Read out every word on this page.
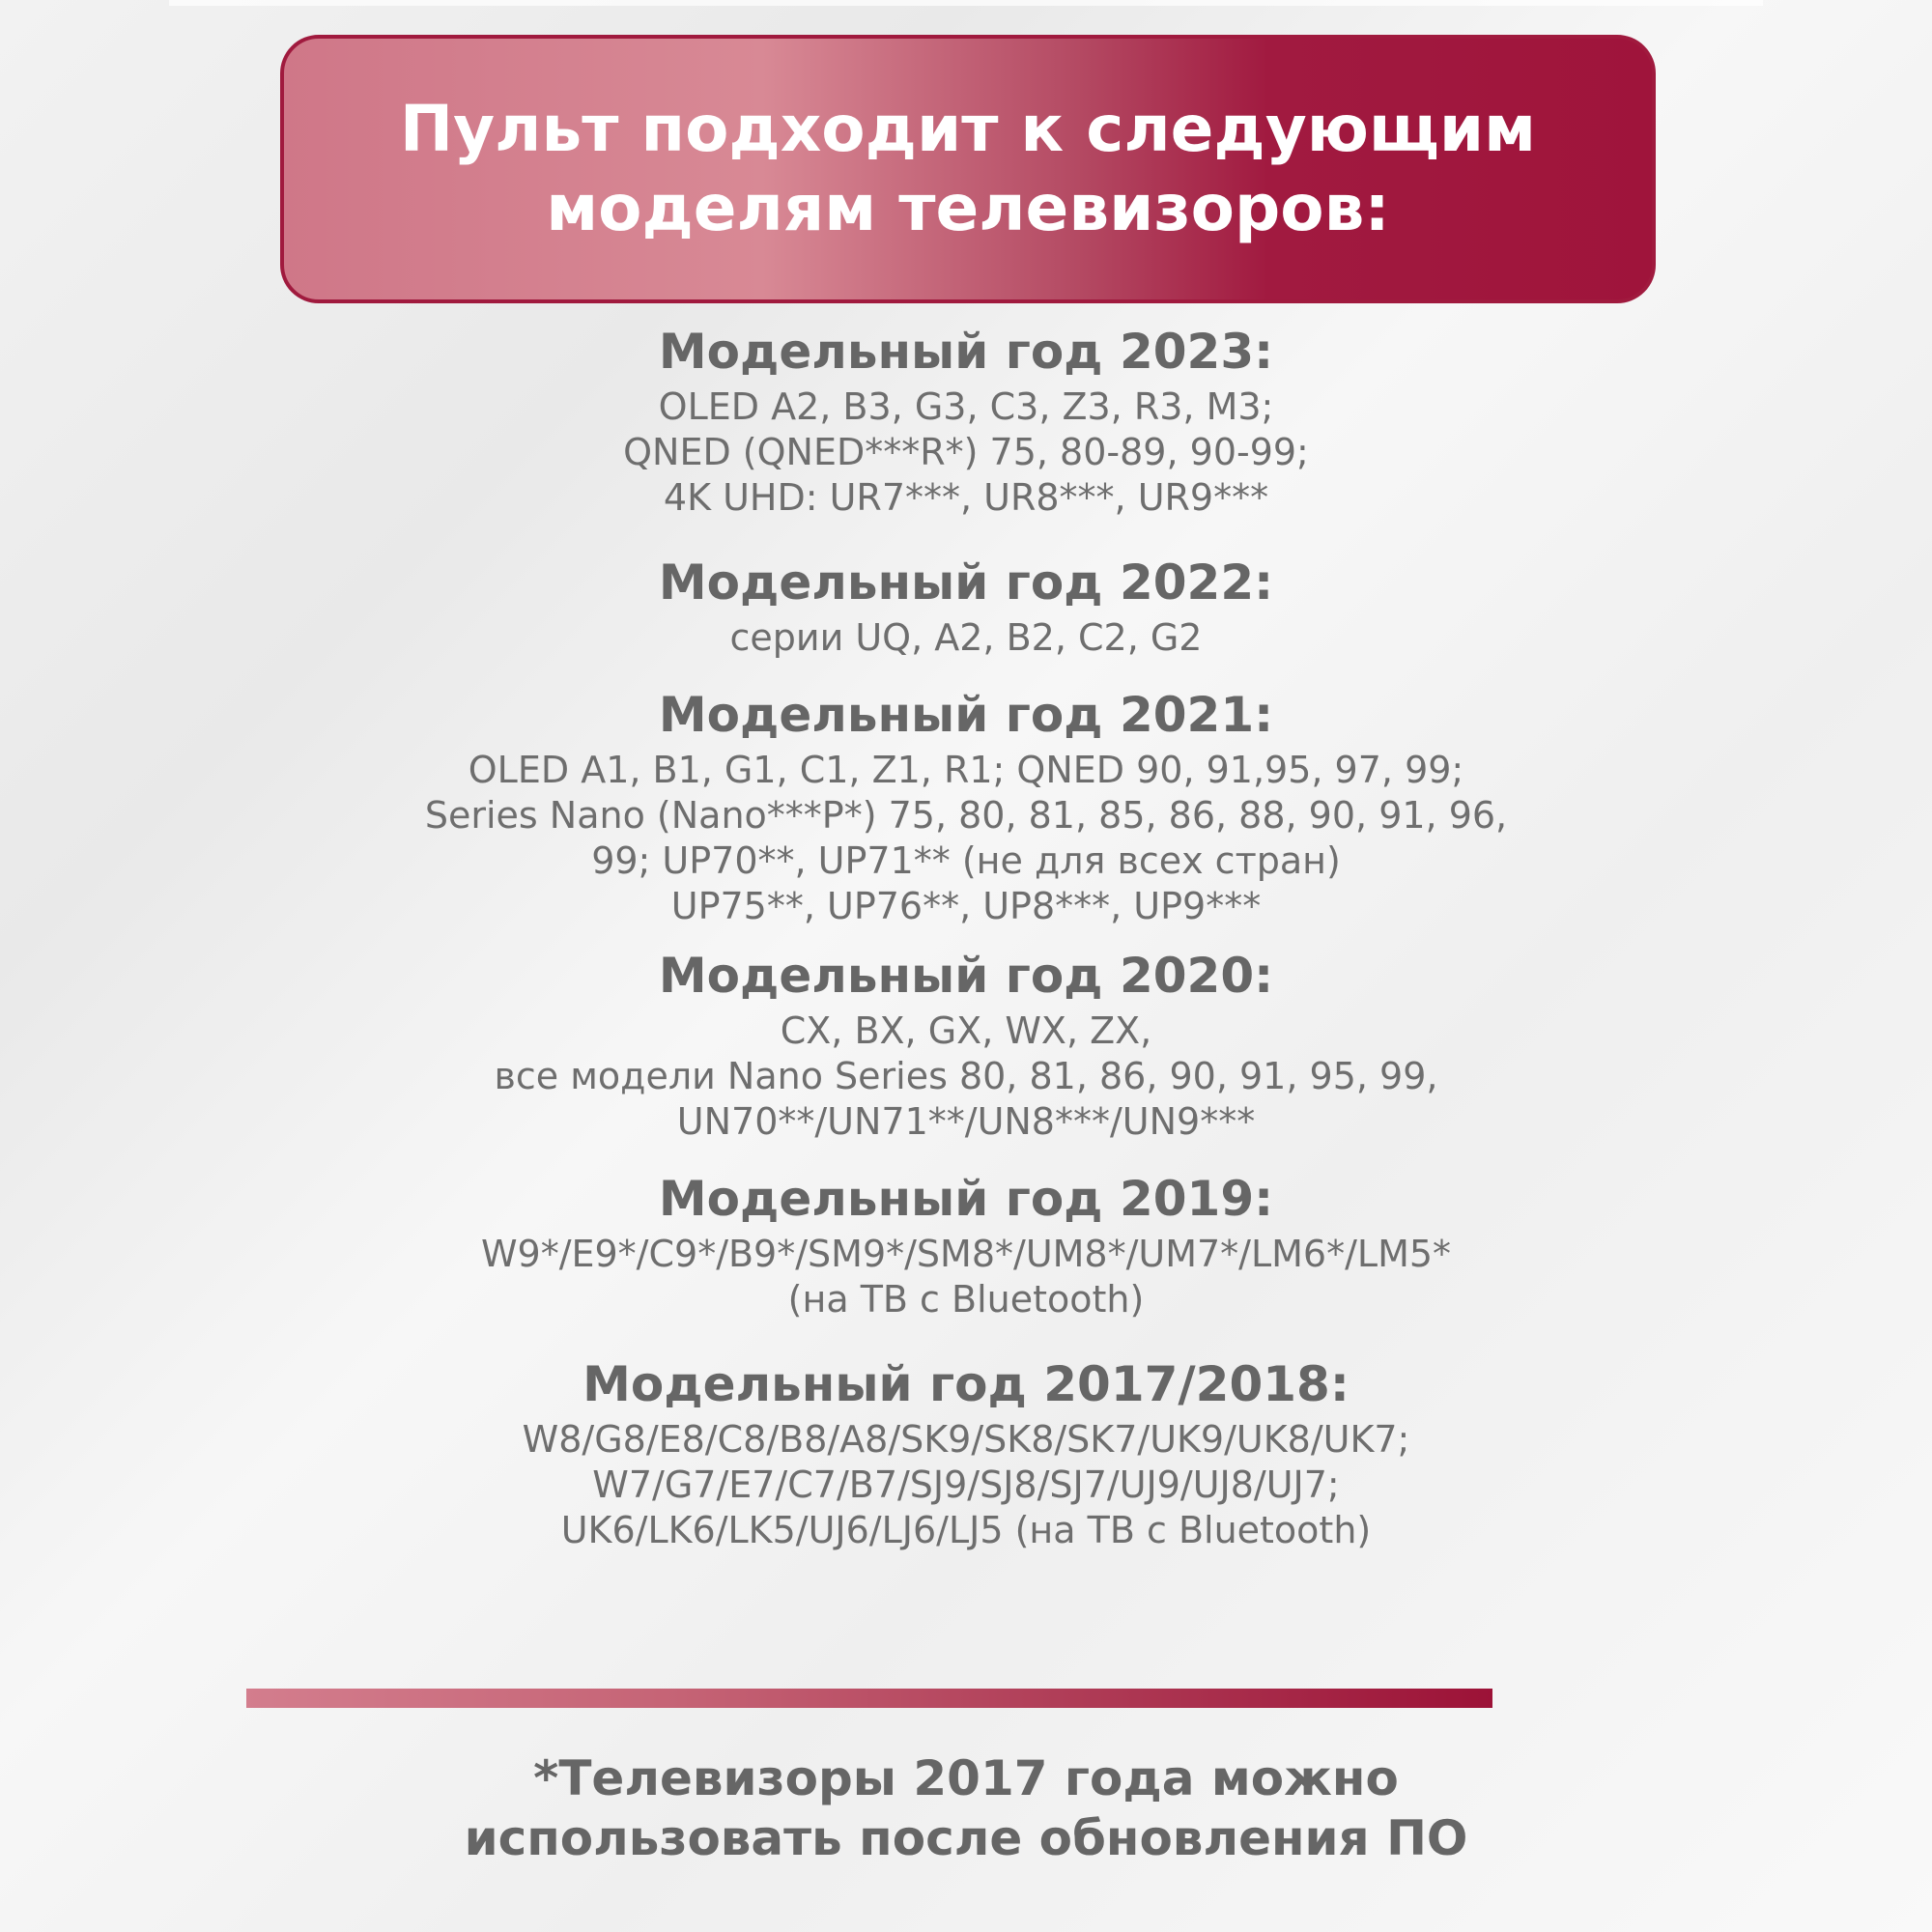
Пульт подходит к следующим
моделям телевизоров:

Модельный год 2023:

OLED A2, B3, G3, C3, Z3, R3, M3;
QNED (QNED***R*) 75, 80-89, 90-99;
4K UHD: UR7***, UR8***, UR9***

Модельный год 2022:

серии UQ, A2, B2, C2, G2

Модельный год 2021:

OLED A1, B1, G1, C1, Z1, R1; QNED 90, 91,95, 97, 99;
Series Nano (Nano***P*) 75, 80, 81, 85, 86, 88, 90, 91, 96,
99; UP70**, UP71** (не для всех стран)
UP75**, UP76**, UP8***, UP9***

Модельный год 2020:

CX, BX, GX, WX, ZX,
все модели Nano Series 80, 81, 86, 90, 91, 95, 99,
UN70**/UN71**/UN8***/UN9***

Модельный год 2019:

W9*/E9*/C9*/B9*/SM9*/SM8*/UM8*/UM7*/LM6*/LM5*
(на ТВ с Bluetooth)

Модельный год 2017/2018:

W8/G8/E8/C8/B8/A8/SK9/SK8/SK7/UK9/UK8/UK7;
W7/G7/E7/C7/B7/SJ9/SJ8/SJ7/UJ9/UJ8/UJ7;
UK6/LK6/LK5/UJ6/LJ6/LJ5 (на ТВ с Bluetooth)

*Телевизоры 2017 года можно
использовать после обновления ПО
